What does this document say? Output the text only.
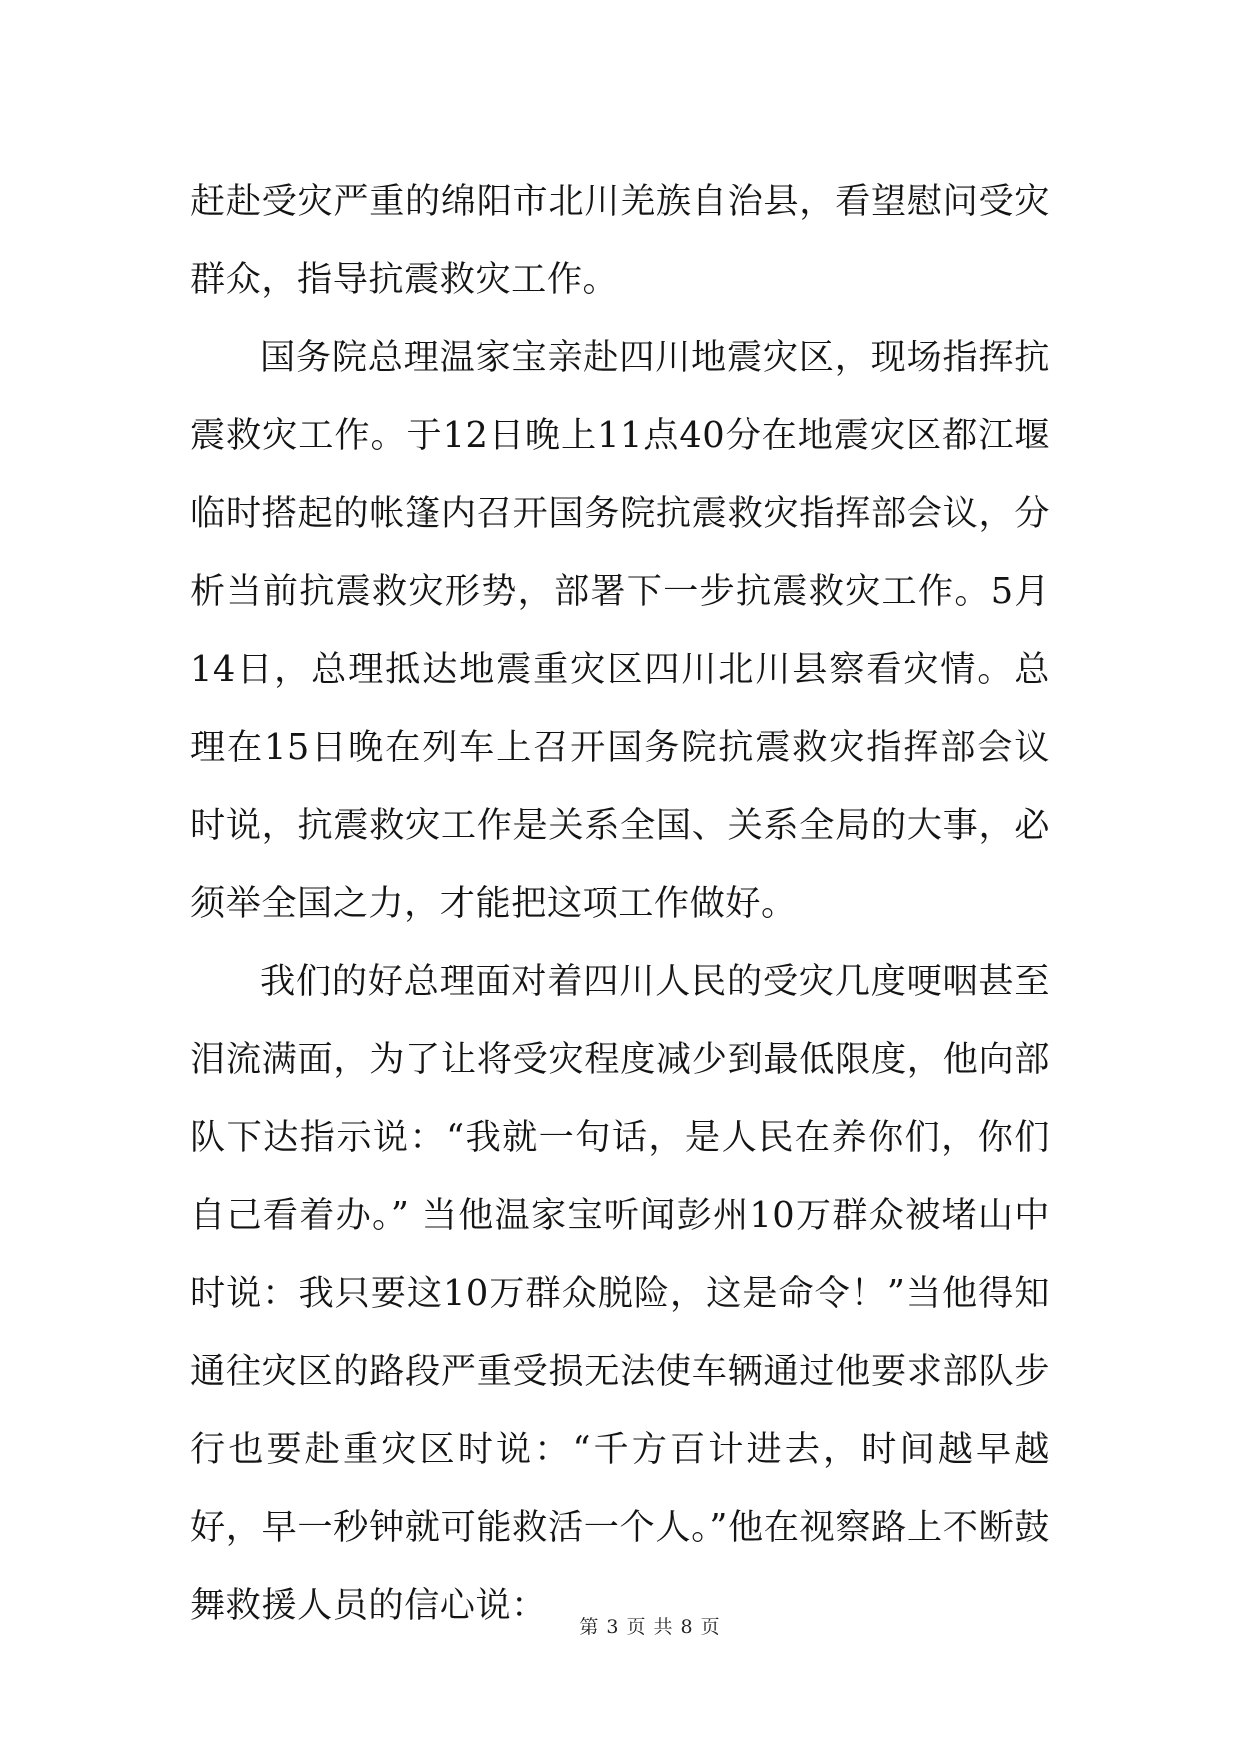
赶赴受灾严重的绵阳市北川羌族自治县，看望慰问受灾群众，指导抗震救灾工作。

国务院总理温家宝亲赴四川地震灾区，现场指挥抗震救灾工作。于12日晚上11点40分在地震灾区都江堰临时搭起的帐篷内召开国务院抗震救灾指挥部会议，分析当前抗震救灾形势，部署下一步抗震救灾工作。5月14日，总理抵达地震重灾区四川北川县察看灾情。总理在15日晚在列车上召开国务院抗震救灾指挥部会议时说，抗震救灾工作是关系全国、关系全局的大事，必须举全国之力，才能把这项工作做好。

我们的好总理面对着四川人民的受灾几度哽咽甚至泪流满面，为了让将受灾程度减少到最低限度，他向部队下达指示说：“我就一句话，是人民在养你们，你们自己看着办。” 当他温家宝听闻彭州10万群众被堵山中时说：我只要这10万群众脱险，这是命令！”当他得知通往灾区的路段严重受损无法使车辆通过他要求部队步行也要赴重灾区时说：“千方百计进去，时间越早越好，早一秒钟就可能救活一个人。”他在视察路上不断鼓舞救援人员的信心说：

第 3 页 共 8 页
